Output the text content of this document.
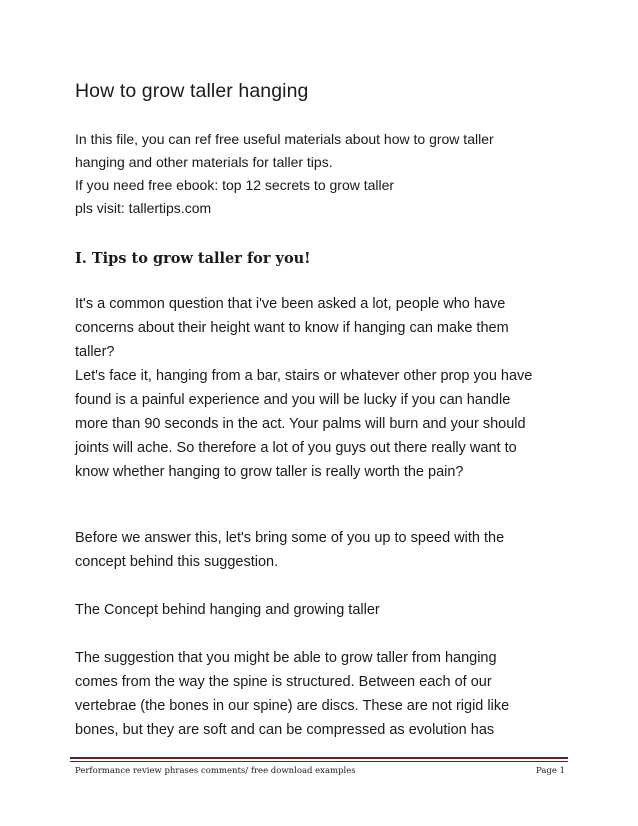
How to grow taller hanging
In this file, you can ref free useful materials about how to grow taller
hanging and other materials for taller tips.
If you need free ebook: top 12 secrets to grow taller
pls visit: tallertips.com
I. Tips to grow taller for you!
It's a common question that i've been asked a lot, people who have
concerns about their height want to know if hanging can make them
taller?
Let's face it, hanging from a bar, stairs or whatever other prop you have
found is a painful experience and you will be lucky if you can handle
more than 90 seconds in the act. Your palms will burn and your should
joints will ache. So therefore a lot of you guys out there really want to
know whether hanging to grow taller is really worth the pain?
Before we answer this, let's bring some of you up to speed with the
concept behind this suggestion.
The Concept behind hanging and growing taller
The suggestion that you might be able to grow taller from hanging
comes from the way the spine is structured. Between each of our
vertebrae (the bones in our spine) are discs. These are not rigid like
bones, but they are soft and can be compressed as evolution has
Performance review phrases comments/ free download examples	Page 1
